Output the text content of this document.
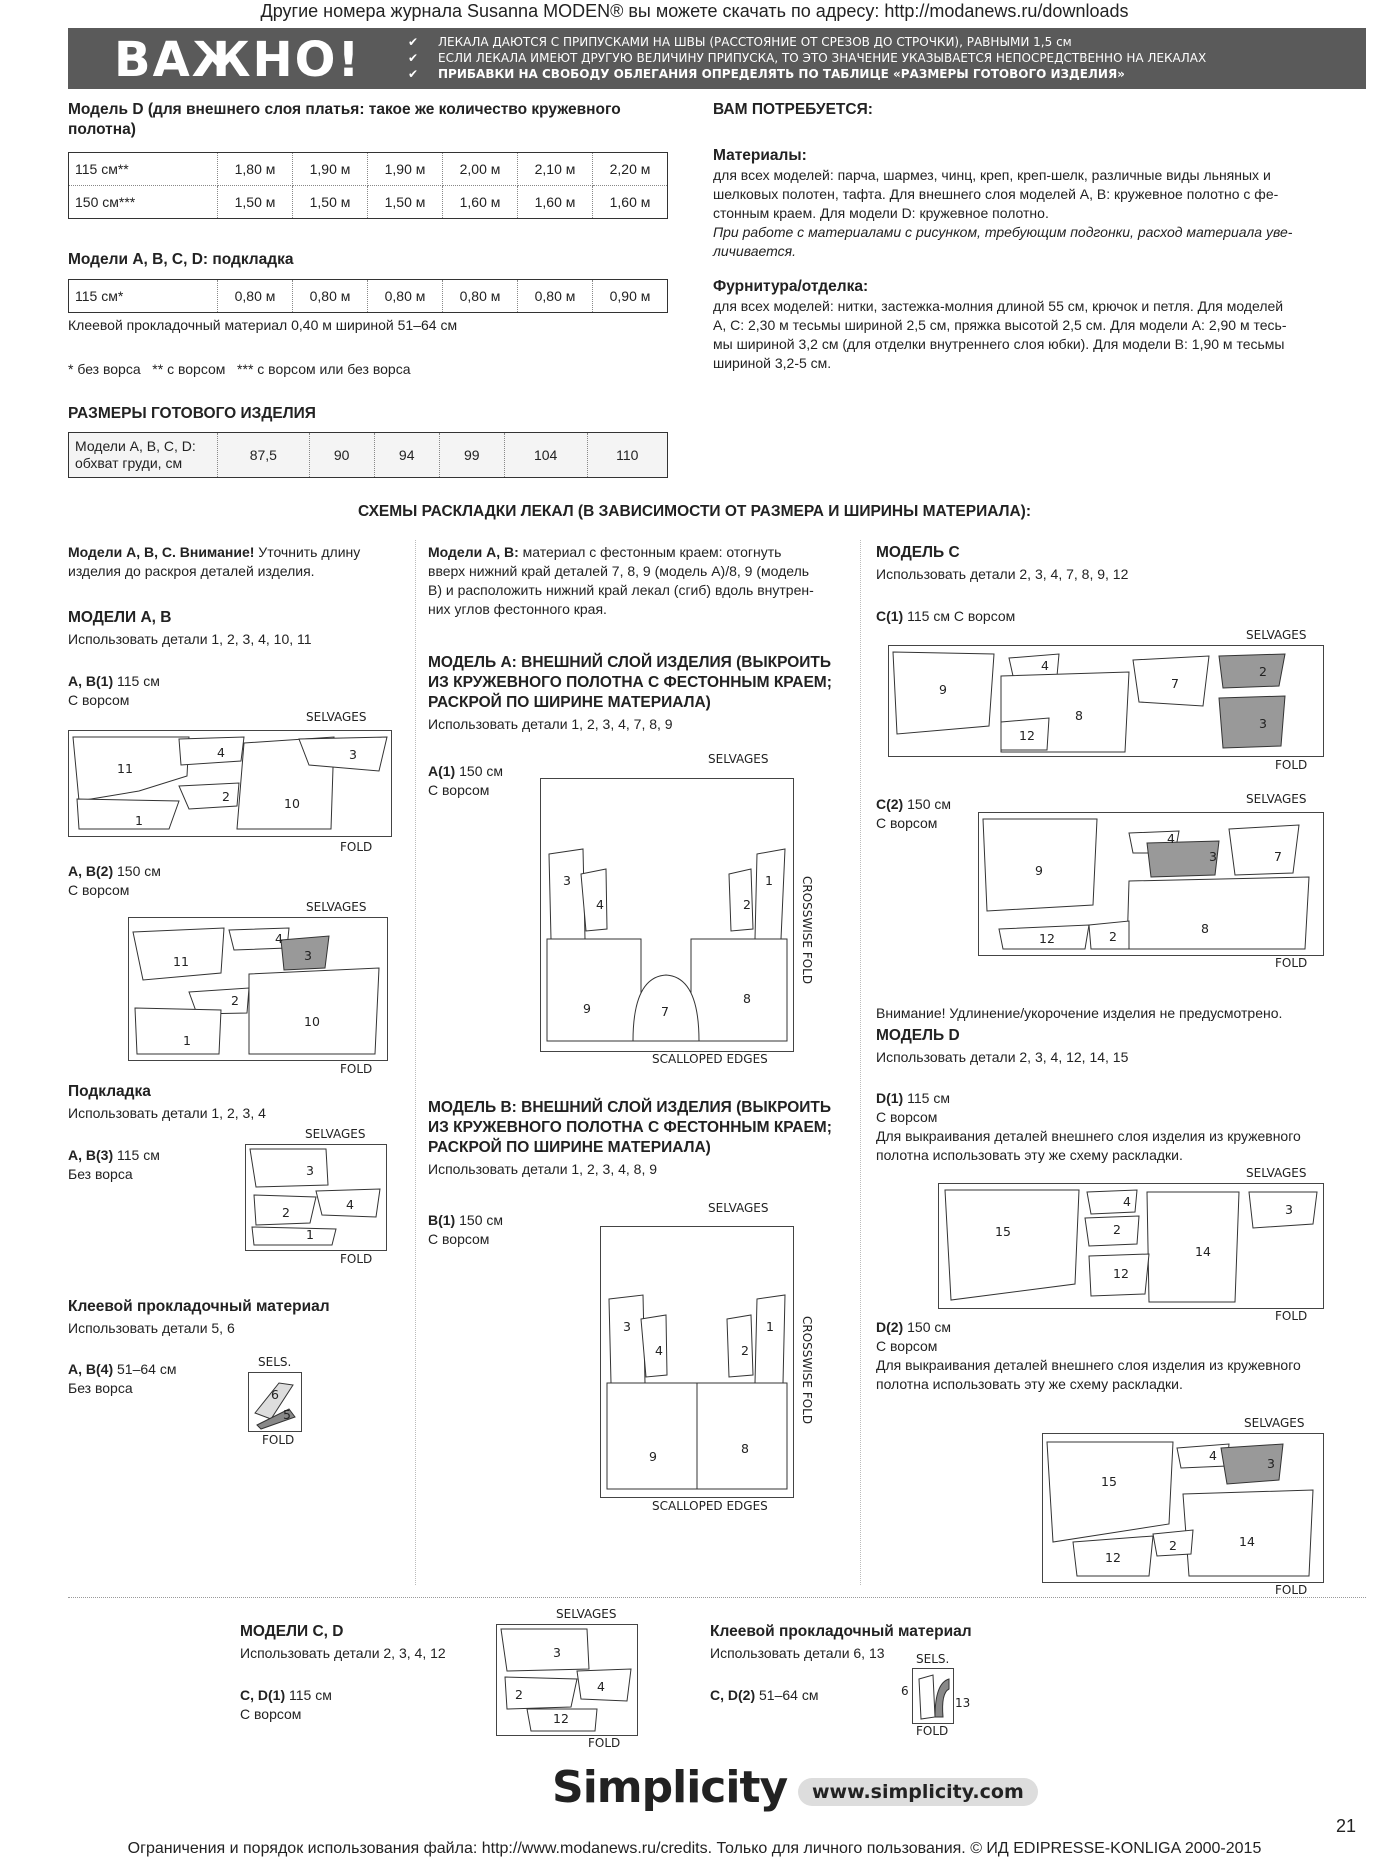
Другие номера журнала Susanna MODEN® вы можете скачать по адресу: http://modanews.ru/downloads
ВАЖНО!	✔ ЛЕКАЛА ДАЮТСЯ С ПРИПУСКАМИ НА ШВЫ (РАССТОЯНИЕ ОТ СРЕЗОВ ДО СТРОЧКИ), РАВНЫМИ 1,5 см
✔ ЕСЛИ ЛЕКАЛА ИМЕЮТ ДРУГУЮ ВЕЛИЧИНУ ПРИПУСКА, ТО ЭТО ЗНАЧЕНИЕ УКАЗЫВАЕТСЯ НЕПОСРЕДСТВЕННО НА ЛЕКАЛАХ
✔ ПРИБАВКИ НА СВОБОДУ ОБЛЕГАНИЯ ОПРЕДЕЛЯТЬ ПО ТАБЛИЦЕ «РАЗМЕРЫ ГОТОВОГО ИЗДЕЛИЯ»
Модель D (для внешнего слоя платья: такое же количество кружевного полотна)
115 см**	1,80 м	1,90 м	1,90 м	2,00 м	2,10 м	2,20 м
150 см***	1,50 м	1,50 м	1,50 м	1,60 м	1,60 м	1,60 м
Модели А, В, С, D: подкладка
115 см*	0,80 м	0,80 м	0,80 м	0,80 м	0,80 м	0,90 м
Клеевой прокладочный материал 0,40 м шириной 51–64 см
* без ворса   ** с ворсом   *** с ворсом или без ворса
РАЗМЕРЫ ГОТОВОГО ИЗДЕЛИЯ
Модели А, В, С, D:
обхват груди, см	87,5	90	94	99	104	110
ВАМ ПОТРЕБУЕТСЯ:
Материалы:
для всех моделей: парча, шармез, чинц, креп, креп-шелк, различные виды льняных и
шелковых полотен, тафта. Для внешнего слоя моделей А, В: кружевное полотно с фе-
стонным краем. Для модели D: кружевное полотно.
При работе с материалами с рисунком, требующим подгонки, расход материала уве-
личивается.
Фурнитура/отделка:
для всех моделей: нитки, застежка-молния длиной 55 см, крючок и петля. Для моделей
А, С: 2,30 м тесьмы шириной 2,5 см, пряжка высотой 2,5 см. Для модели А: 2,90 м тесь-
мы шириной 3,2 см (для отделки внутреннего слоя юбки). Для модели В: 1,90 м тесьмы
шириной 3,2-5 см.
СХЕМЫ РАСКЛАДКИ ЛЕКАЛ (В ЗАВИСИМОСТИ ОТ РАЗМЕРА И ШИРИНЫ МАТЕРИАЛА):
Модели А, В, С. Внимание! Уточнить длину
изделия до раскроя деталей изделия.
МОДЕЛИ А, В
Использовать детали 1, 2, 3, 4, 10, 11
А, В(1) 115 см
С ворсом
11
4	3
2	10
1
SELVAGES
FOLD
А, В(2) 150 см
С ворсом
SELVAGES
11
4
3
2
10
1
FOLD
Подкладка
Использовать детали 1, 2, 3, 4
А, В(3) 115 см
Без ворса
SELVAGES
3
4
2
1
FOLD
Клеевой прокладочный материал
Использовать детали 5, 6
А, В(4) 51–64 см
Без ворса
SELS.
6
5
FOLD
Модели А, В: материал с фестонным краем: отогнуть
вверх нижний край деталей 7, 8, 9 (модель А)/8, 9 (модель
В) и расположить нижний край лекал (сгиб) вдоль внутрен-
них углов фестонного края.
МОДЕЛЬ А: ВНЕШНИЙ СЛОЙ ИЗДЕЛИЯ (ВЫКРОИТЬ
ИЗ КРУЖЕВНОГО ПОЛОТНА С ФЕСТОННЫМ КРАЕМ;
РАСКРОЙ ПО ШИРИНЕ МАТЕРИАЛА)
Использовать детали 1, 2, 3, 4, 7, 8, 9
А(1) 150 см
С ворсом
SELVAGES
3
4	2
1
9	7
8
CROSSWISE FOLD
SCALLOPED EDGES
МОДЕЛЬ В: ВНЕШНИЙ СЛОЙ ИЗДЕЛИЯ (ВЫКРОИТЬ
ИЗ КРУЖЕВНОГО ПОЛОТНА С ФЕСТОННЫМ КРАЕМ;
РАСКРОЙ ПО ШИРИНЕ МАТЕРИАЛА)
Использовать детали 1, 2, 3, 4, 8, 9
В(1) 150 см
С ворсом
SELVAGES
3
4	2
1
9
8
CROSSWISE FOLD
SCALLOPED EDGES
МОДЕЛЬ С
Использовать детали 2, 3, 4, 7, 8, 9, 12
С(1) 115 см С ворсом
SELVAGES
9
4
8
12
7
2
3
FOLD
С(2) 150 см
С ворсом
SELVAGES
9
4
3	7
2
8
12
FOLD
Внимание! Удлинение/укорочение изделия не предусмотрено.
МОДЕЛЬ D
Использовать детали 2, 3, 4, 12, 14, 15
D(1) 115 см
С ворсом
Для выкраивания деталей внешнего слоя изделия из кружевного
полотна использовать эту же схему раскладки.
SELVAGES
15
4
2
14
12
3
FOLD
D(2) 150 см
С ворсом
Для выкраивания деталей внешнего слоя изделия из кружевного
полотна использовать эту же схему раскладки.
SELVAGES
15
4
3
2	14
12
FOLD
МОДЕЛИ С, D
Использовать детали 2, 3, 4, 12
С, D(1) 115 см
С ворсом
SELVAGES
3
4
2
12
FOLD
Клеевой прокладочный материал
Использовать детали 6, 13
С, D(2) 51–64 см
SELS.
6
13
FOLD
Simplicity	www.simplicity.com
21
Ограничения и порядок использования файла: http://www.modanews.ru/credits. Только для личного пользования. © ИД EDIPRESSE-KONLIGA 2000-2015
